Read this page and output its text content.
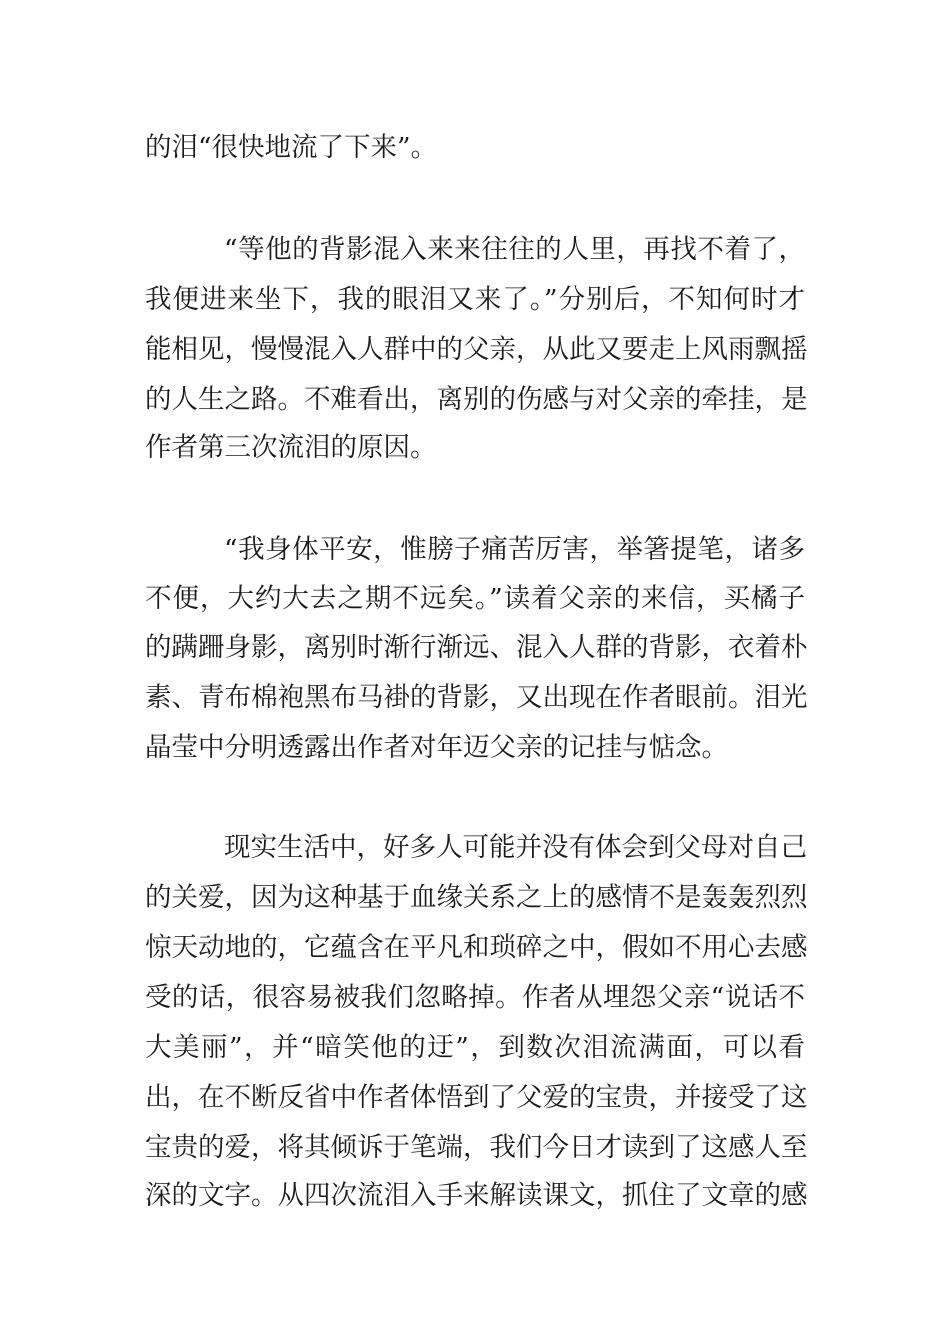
的泪“很快地流了下来”。
“等他的背影混入来来往往的人里，再找不着了，
我便进来坐下，我的眼泪又来了。”分别后，不知何时才
能相见，慢慢混入人群中的父亲，从此又要走上风雨飘摇
的人生之路。不难看出，离别的伤感与对父亲的牵挂，是
作者第三次流泪的原因。
“我身体平安，惟膀子痛苦厉害，举箸提笔，诸多
不便，大约大去之期不远矣。”读着父亲的来信，买橘子
的蹒跚身影，离别时渐行渐远、混入人群的背影，衣着朴
素、青布棉袍黑布马褂的背影，又出现在作者眼前。泪光
晶莹中分明透露出作者对年迈父亲的记挂与惦念。
现实生活中，好多人可能并没有体会到父母对自己
的关爱，因为这种基于血缘关系之上的感情不是轰轰烈烈
惊天动地的，它蕴含在平凡和琐碎之中，假如不用心去感
受的话，很容易被我们忽略掉。作者从埋怨父亲“说话不
大美丽”，并“暗笑他的迂”，到数次泪流满面，可以看
出，在不断反省中作者体悟到了父爱的宝贵，并接受了这
宝贵的爱，将其倾诉于笔端，我们今日才读到了这感人至
深的文字。从四次流泪入手来解读课文，抓住了文章的感
